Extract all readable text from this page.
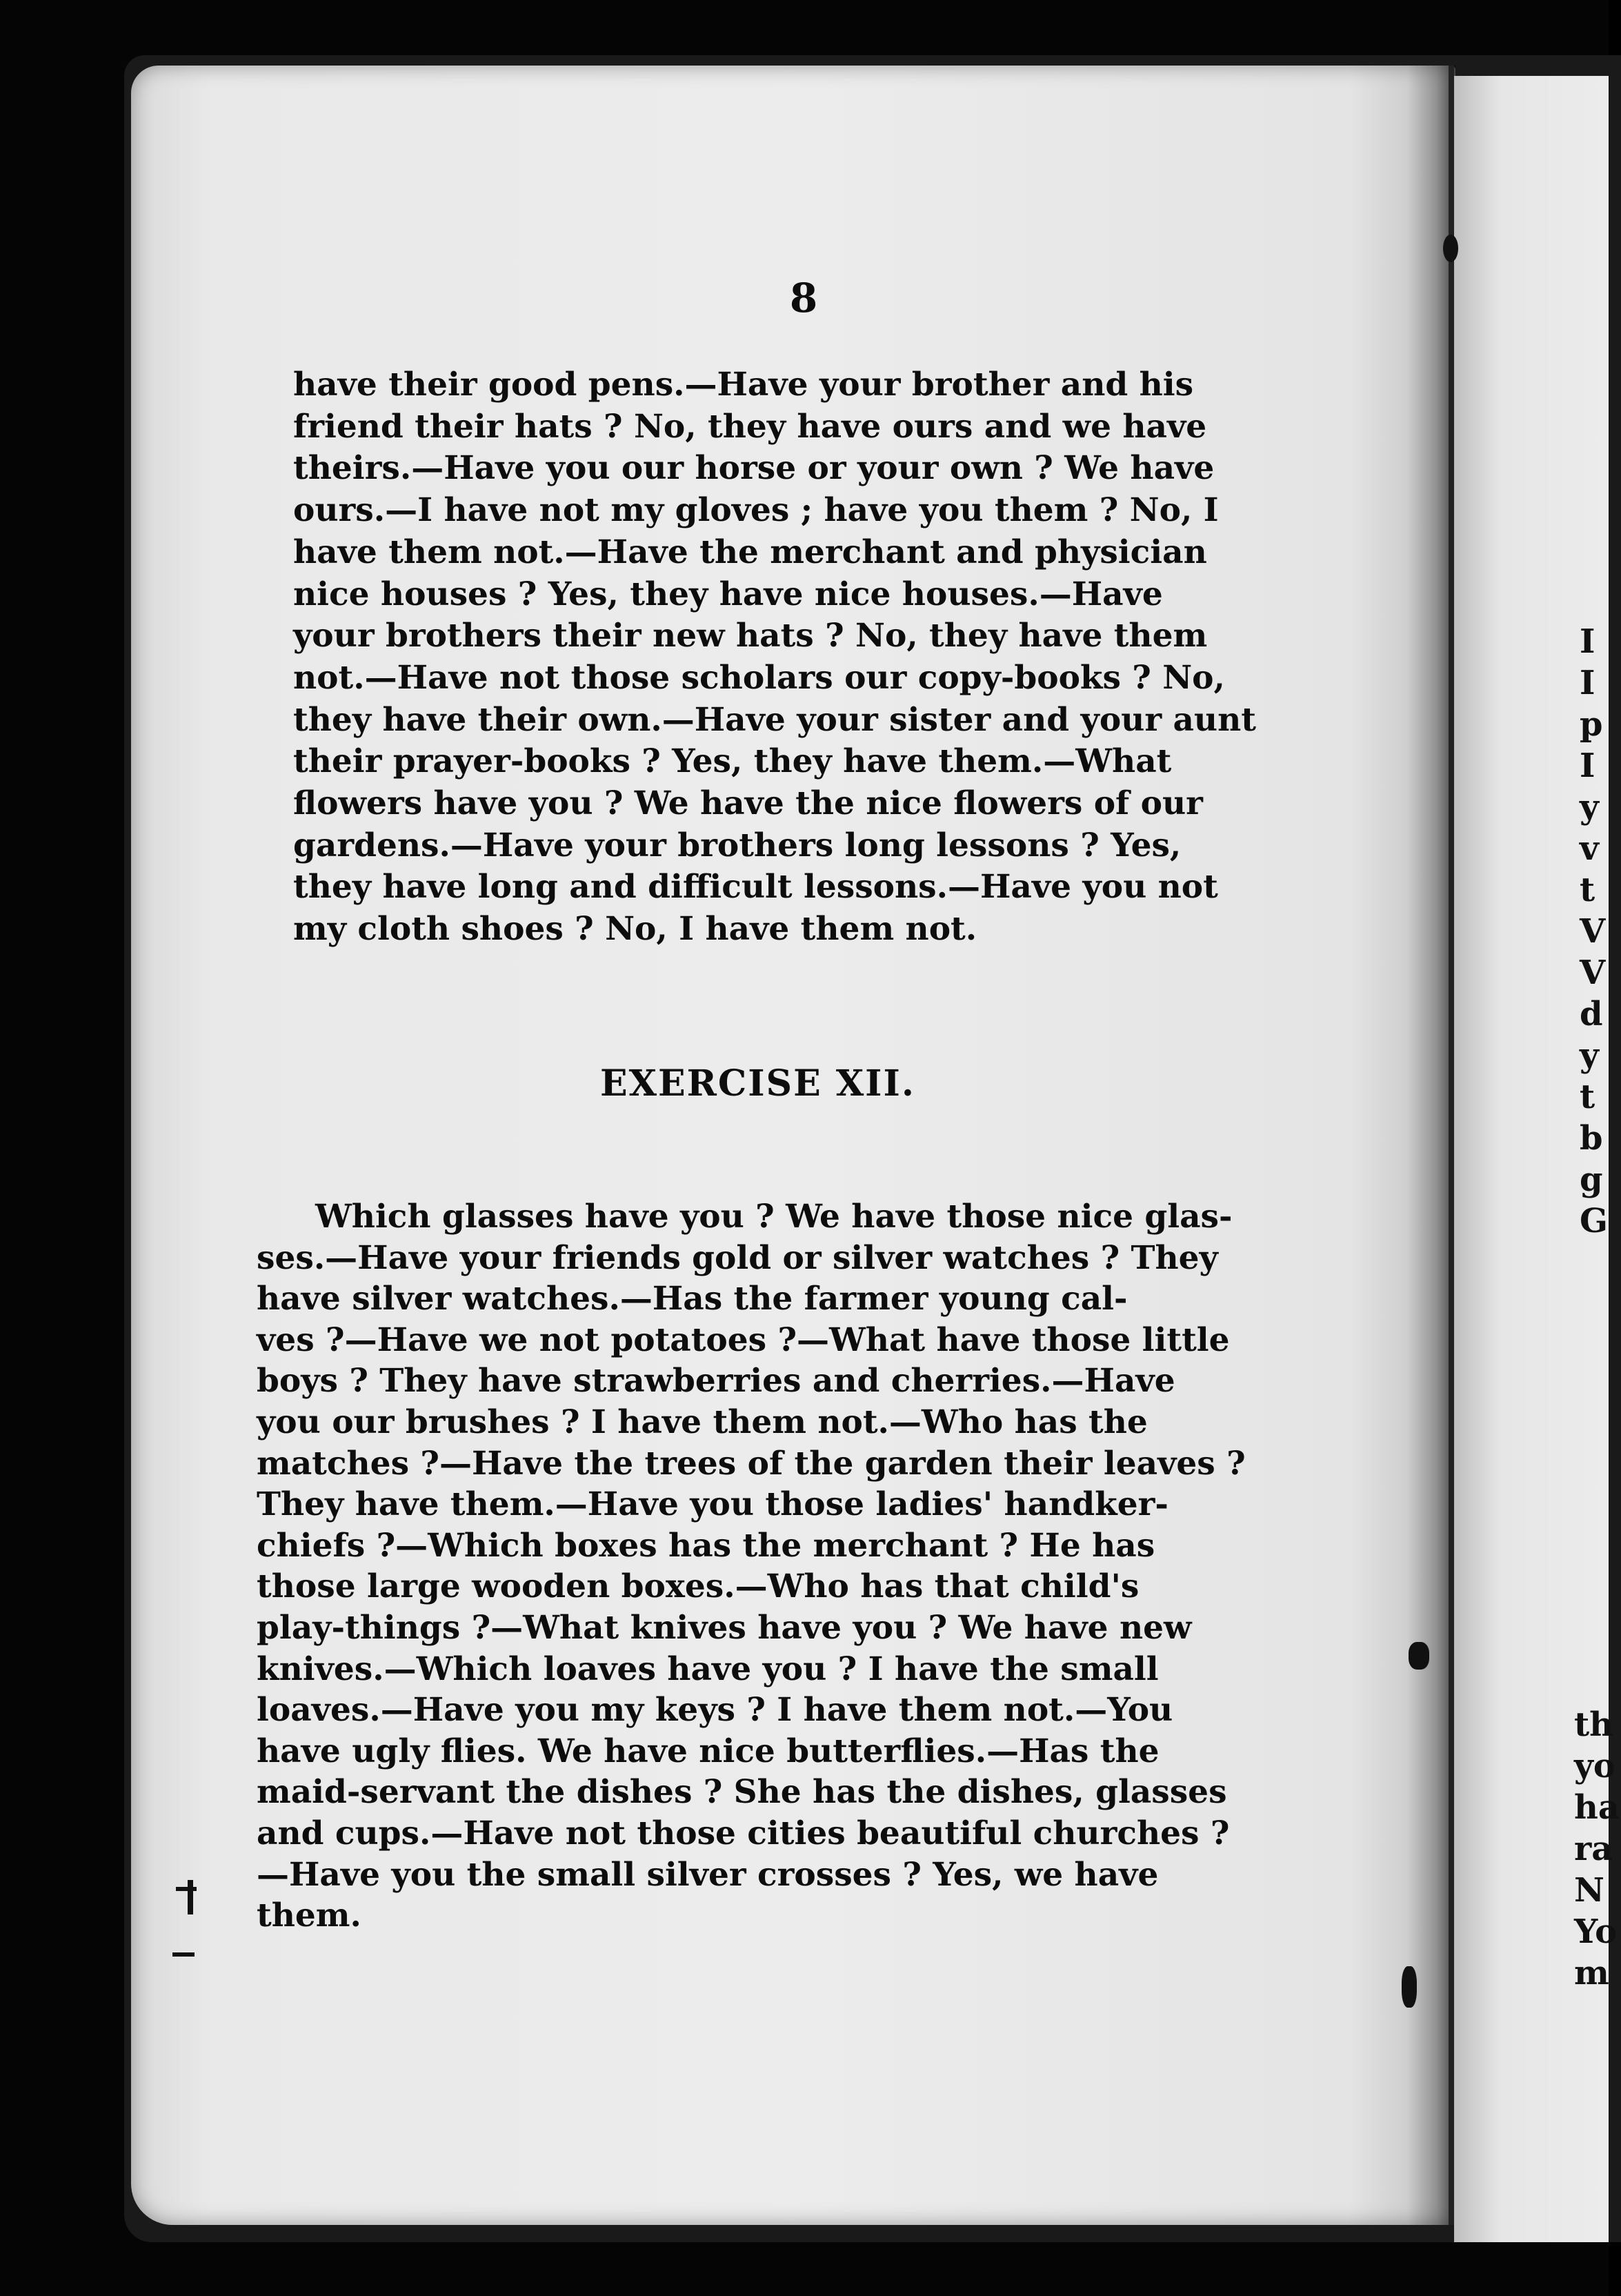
I
I
p
I
y
v
t
V
V
d
y
t
b
g
G
th
yo
ha
ra
N
Yo
m
8
have their good pens.—Have your brother and his
friend their hats ? No, they have ours and we have
theirs.—Have you our horse or your own ? We have
ours.—I have not my gloves ; have you them ? No, I
have them not.—Have the merchant and physician
nice houses ? Yes, they have nice houses.—Have
your brothers their new hats ? No, they have them
not.—Have not those scholars our copy-books ? No,
they have their own.—Have your sister and your aunt
their prayer-books ? Yes, they have them.—What
flowers have you ? We have the nice flowers of our
gardens.—Have your brothers long lessons ? Yes,
they have long and difficult lessons.—Have you not
my cloth shoes ? No, I have them not.
EXERCISE XII.
Which glasses have you ? We have those nice glas-
ses.—Have your friends gold or silver watches ? They
have silver watches.—Has the farmer young cal-
ves ?—Have we not potatoes ?—What have those little
boys ? They have strawberries and cherries.—Have
you our brushes ? I have them not.—Who has the
matches ?—Have the trees of the garden their leaves ?
They have them.—Have you those ladies' handker-
chiefs ?—Which boxes has the merchant ? He has
those large wooden boxes.—Who has that child's
play-things ?—What knives have you ? We have new
knives.—Which loaves have you ? I have the small
loaves.—Have you my keys ? I have them not.—You
have ugly flies. We have nice butterflies.—Has the
maid-servant the dishes ? She has the dishes, glasses
and cups.—Have not those cities beautiful churches ?
—Have you the small silver crosses ? Yes, we have
them.
